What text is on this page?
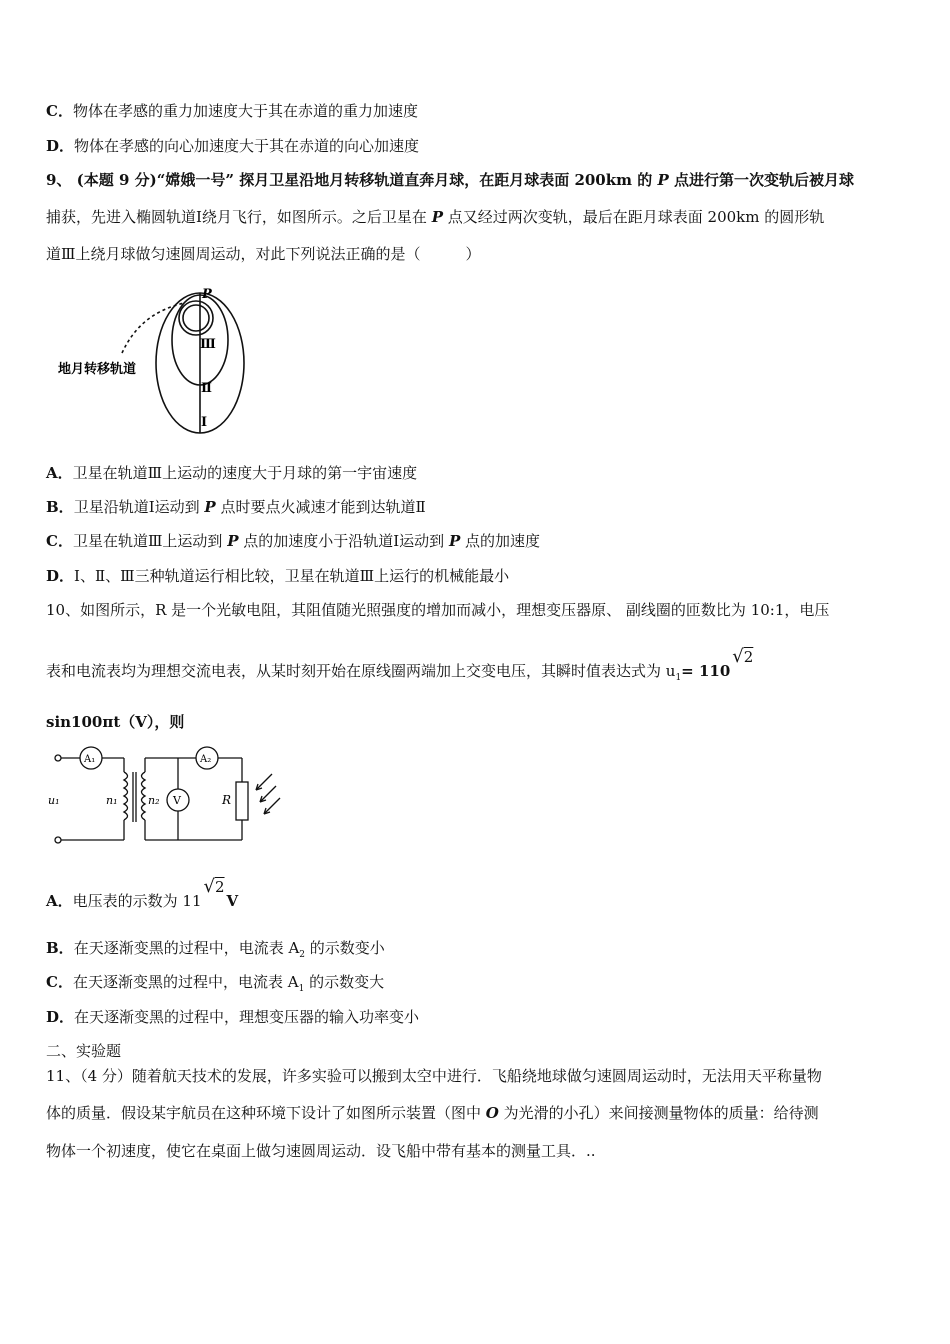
C．物体在孝感的重力加速度大于其在赤道的重力加速度
D．物体在孝感的向心加速度大于其在赤道的向心加速度
9、 (本题 9 分)“嫦娥一号” 探月卫星沿地月转移轨道直奔月球，在距月球表面 200km 的 P 点进行第一次变轨后被月球
捕获，先进入椭圆轨道Ⅰ绕月飞行，如图所示。之后卫星在 P 点又经过两次变轨，最后在距月球表面 200km 的圆形轨
道Ⅲ上绕月球做匀速圆周运动，对此下列说法正确的是（　　　）
地月转移轨道
P
Ⅲ
Ⅱ
Ⅰ
A．卫星在轨道Ⅲ上运动的速度大于月球的第一宇宙速度
B．卫星沿轨道Ⅰ运动到 P 点时要点火减速才能到达轨道Ⅱ
C．卫星在轨道Ⅲ上运动到 P 点的加速度小于沿轨道Ⅰ运动到 P 点的加速度
D．Ⅰ、Ⅱ、Ⅲ三种轨道运行相比较，卫星在轨道Ⅲ上运行的机械能最小
10、如图所示，R 是一个光敏电阻，其阻值随光照强度的增加而减小，理想变压器原、 副线圈的匝数比为 10:1，电压
表和电流表均为理想交流电表，从某时刻开始在原线圈两端加上交变电压，其瞬时值表达式为 $u_1= 110√2$
sin100πt（V），则
A₁	A₂
V
u₁	n₁	n₂	R
A．电压表的示数为 11√2V
B．在天逐渐变黑的过程中，电流表 $A_2$ 的示数变小
C．在天逐渐变黑的过程中，电流表 $A_1$ 的示数变大
D．在天逐渐变黑的过程中，理想变压器的输入功率变小
二、实验题
11、（4 分）随着航天技术的发展，许多实验可以搬到太空中进行．飞船绕地球做匀速圆周运动时，无法用天平称量物
体的质量．假设某宇航员在这种环境下设计了如图所示装置（图中 O 为光滑的小孔）来间接测量物体的质量：给待测
物体一个初速度，使它在桌面上做匀速圆周运动．设飞船中带有基本的测量工具．..
